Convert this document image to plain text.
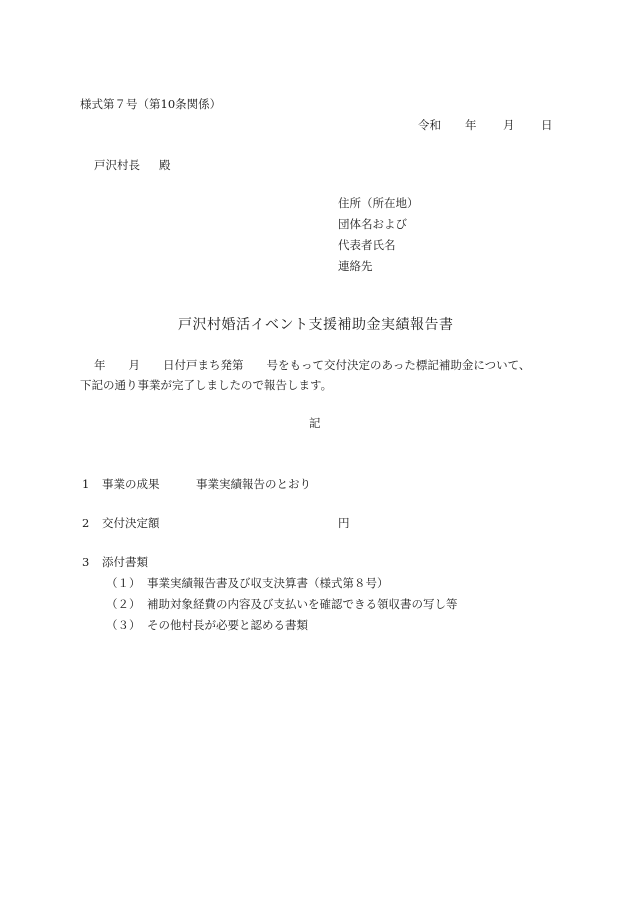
様式第７号（第10条関係）
令和 年 月 日
戸沢村長 殿
住所（所在地）
団体名および
代表者氏名
連絡先
戸沢村婚活イベント支援補助金実績報告書
年　　月　　日付戸まち発第　　号をもって交付決定のあった標記補助金について、
下記の通り事業が完了しましたので報告します。
記
1 事業の成果	事業実績報告のとおり
2 交付決定額	円
3 添付書類
（１） 事業実績報告書及び収支決算書（様式第８号）
（２） 補助対象経費の内容及び支払いを確認できる領収書の写し等
（３） その他村長が必要と認める書類
